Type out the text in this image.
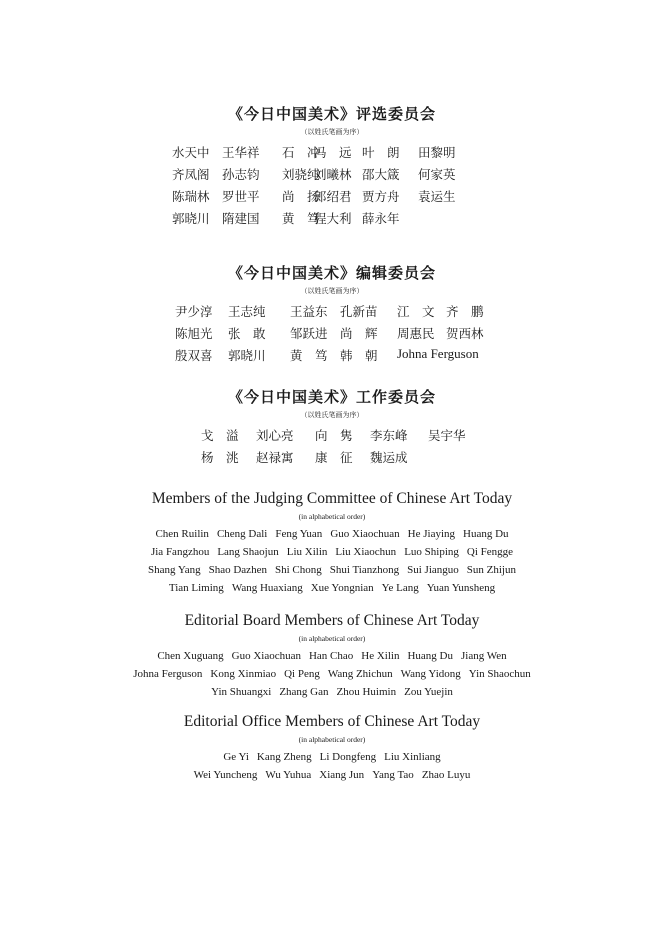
《今日中国美术》评选委员会
（以姓氏笔画为序）
水天中 王华祥 石　冲
冯　远 叶　朗 田黎明
齐凤阁 孙志钧 刘骁纯
刘曦林 邵大箴 何家英
陈瑞林 罗世平 尚　扬
郎绍君 贾方舟 袁运生
郭晓川 隋建国 黄　笃
程大利 薛永年
《今日中国美术》编辑委员会
（以姓氏笔画为序）
尹少淳 王志纯 王益东 孔新苗 江　文 齐　鹏
陈旭光 张　敢 邹跃进 尚　辉 周惠民 贺西林
殷双喜 郭晓川 黄　笃 韩　朝 Johna Ferguson
《今日中国美术》工作委员会
（以姓氏笔画为序）
戈　溢 刘心亮 向　隽 李东峰 吴宇华
杨　洮 赵禄寓 康　征 魏运成
Members of the Judging Committee of Chinese Art Today
(in alphabetical order)
Chen Ruilin Cheng Dali Feng Yuan Guo Xiaochuan He Jiaying Huang Du
Jia Fangzhou Lang Shaojun Liu Xilin Liu Xiaochun Luo Shiping Qi Fengge
Shang Yang Shao Dazhen Shi Chong Shui Tianzhong Sui Jianguo Sun Zhijun
Tian Liming Wang Huaxiang Xue Yongnian Ye Lang Yuan Yunsheng
Editorial Board Members of Chinese Art Today
(in alphabetical order)
Chen Xuguang Guo Xiaochuan Han Chao He Xilin Huang Du Jiang Wen
Johna Ferguson Kong Xinmiao Qi Peng Wang Zhichun Wang Yidong Yin Shaochun
Yin Shuangxi Zhang Gan Zhou Huimin Zou Yuejin
Editorial Office Members of Chinese Art Today
(in alphabetical order)
Ge Yi Kang Zheng Li Dongfeng Liu Xinliang
Wei Yuncheng Wu Yuhua Xiang Jun Yang Tao Zhao Luyu
